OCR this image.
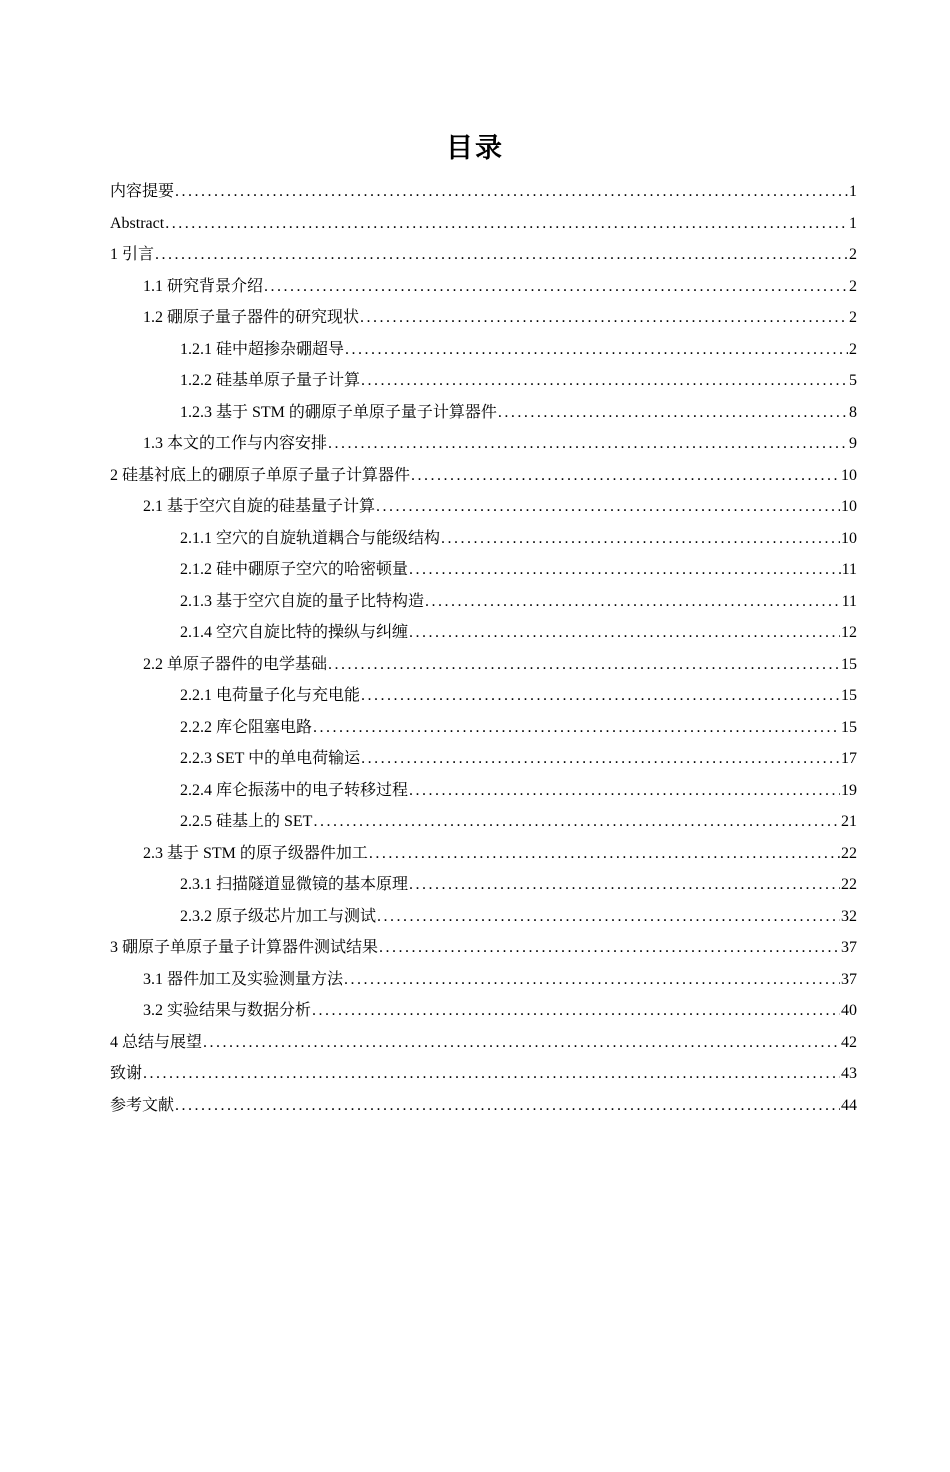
目录
内容提要 .....	1
Abstract .....	1
1 引言 .....	2
1.1 研究背景介绍 .....	2
1.2 硼原子量子器件的研究现状 .....	2
1.2.1 硅中超掺杂硼超导 .....	2
1.2.2 硅基单原子量子计算 .....	5
1.2.3 基于 STM 的硼原子单原子量子计算器件 .....	8
1.3 本文的工作与内容安排 .....	9
2 硅基衬底上的硼原子单原子量子计算器件 .....	10
2.1 基于空穴自旋的硅基量子计算 .....	10
2.1.1 空穴的自旋轨道耦合与能级结构 .....	10
2.1.2 硅中硼原子空穴的哈密顿量 .....	11
2.1.3 基于空穴自旋的量子比特构造 .....	11
2.1.4 空穴自旋比特的操纵与纠缠 .....	12
2.2 单原子器件的电学基础 .....	15
2.2.1 电荷量子化与充电能 .....	15
2.2.2 库仑阻塞电路 .....	15
2.2.3 SET 中的单电荷输运 .....	17
2.2.4 库仑振荡中的电子转移过程 .....	19
2.2.5 硅基上的 SET .....	21
2.3 基于 STM 的原子级器件加工 .....	22
2.3.1 扫描隧道显微镜的基本原理 .....	22
2.3.2 原子级芯片加工与测试 .....	32
3 硼原子单原子量子计算器件测试结果 .....	37
3.1 器件加工及实验测量方法 .....	37
3.2 实验结果与数据分析 .....	40
4 总结与展望 .....	42
致谢 .....	43
参考文献 .....	44
